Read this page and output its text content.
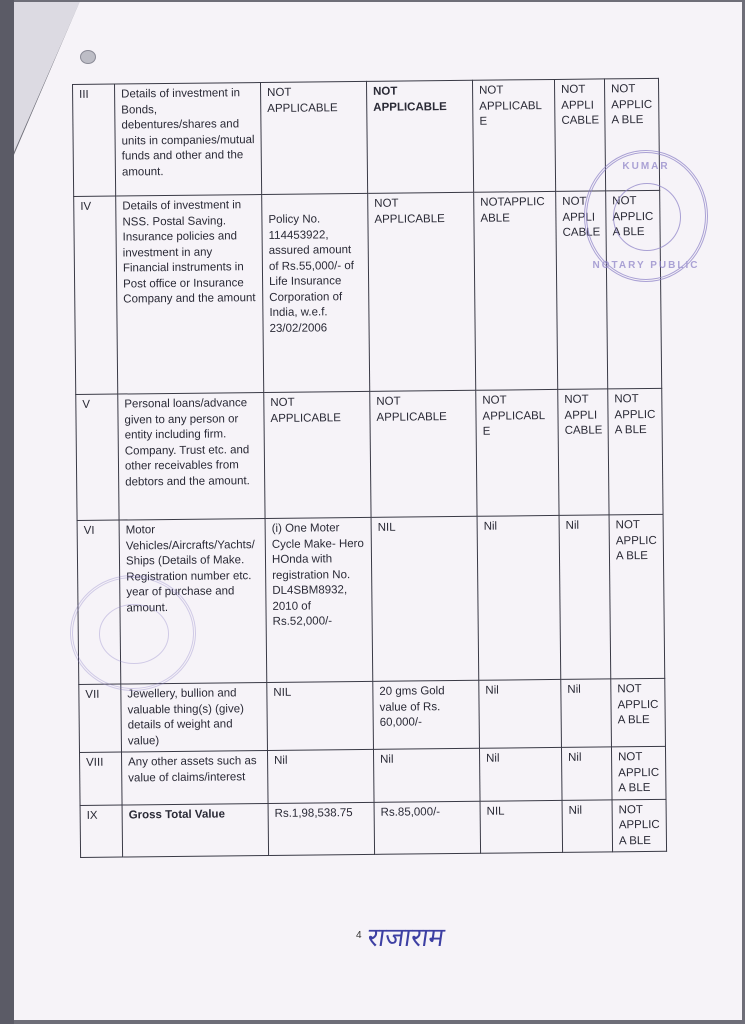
III	Details of investment in Bonds, debentures/shares and units in companies/mutual funds and other and the amount.	NOT APPLICABLE	NOT APPLICABLE	NOT APPLICABLE	NOT APPLI CABLE	NOT APPLICA BLE
IV	Details of investment in NSS. Postal Saving. Insurance policies and investment in any Financial instruments in Post office or Insurance Company and the amount	Policy No. 114453922, assured amount of Rs.55,000/- of Life Insurance Corporation of India, w.e.f. 23/02/2006	NOT APPLICABLE	NOTAPPLIC ABLE	NOT APPLI CABLE	NOT APPLICA BLE
V	Personal loans/advance given to any person or entity including firm. Company. Trust etc. and other receivables from debtors and the amount.	NOT APPLICABLE	NOT APPLICABLE	NOT APPLICABLE	NOT APPLI CABLE	NOT APPLICA BLE
VI	Motor Vehicles/Aircrafts/Yachts/Ships (Details of Make. Registration number etc. year of purchase and amount.	(i) One Moter Cycle Make- Hero HOnda with registration No. DL4SBM8932, 2010 of Rs.52,000/-	NIL	Nil	Nil	NOT APPLICA BLE
VII	Jewellery, bullion and valuable thing(s) (give) details of weight and value)	NIL	20 gms Gold value of Rs. 60,000/-	Nil	Nil	NOT APPLICA BLE
VIII	Any other assets such as value of claims/interest	Nil	Nil	Nil	Nil	NOT APPLICA BLE
IX	Gross Total Value	Rs.1,98,538.75	Rs.85,000/-	NIL	Nil	NOT APPLICA BLE
KUMAR
NOTARY PUBLIC
4 राजाराम
